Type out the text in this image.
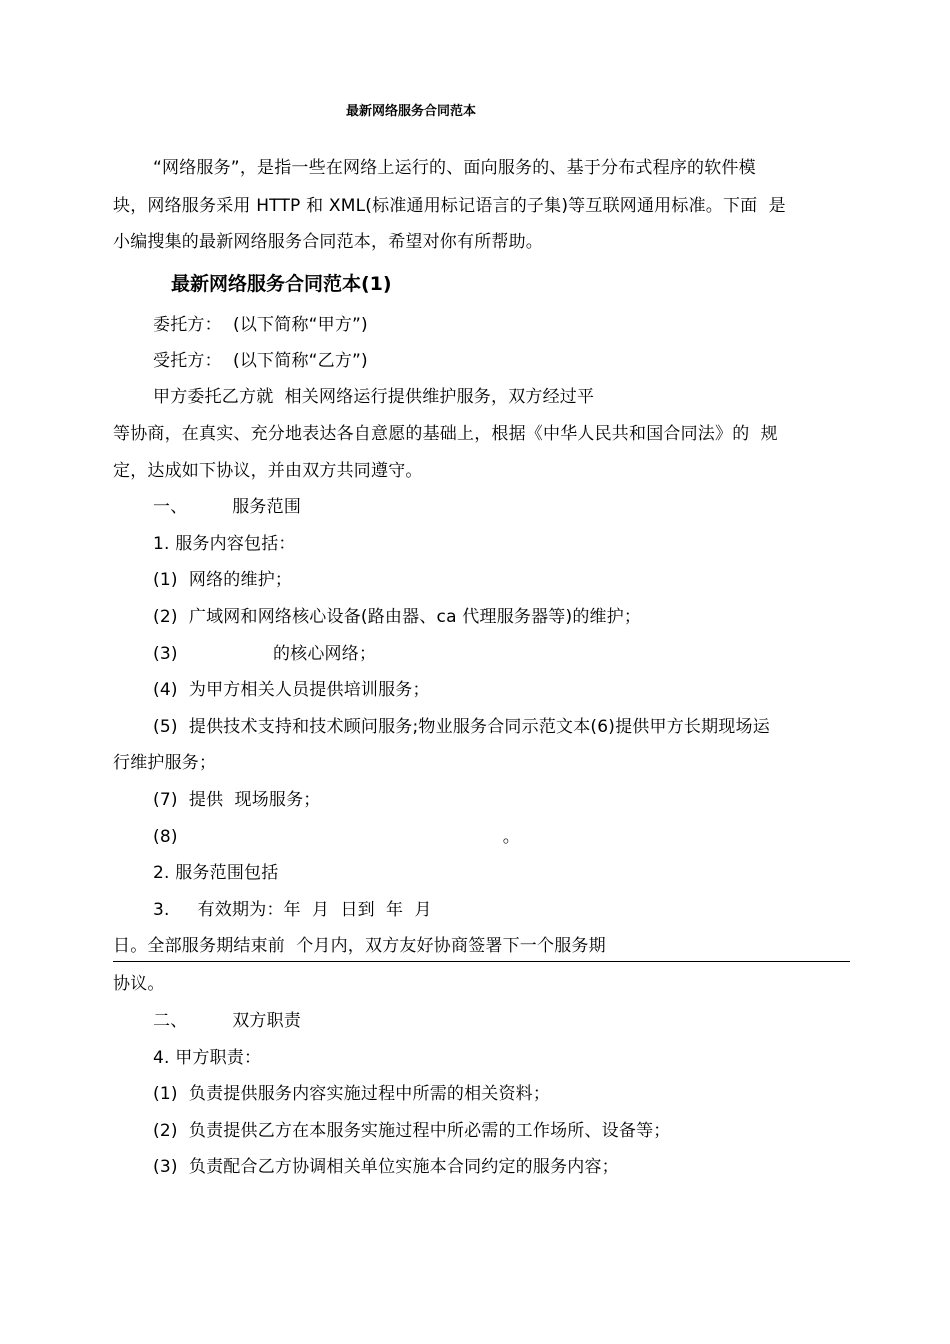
最新网络服务合同范本
“网络服务”，是指一些在网络上运行的、面向服务的、基于分布式程序的软件模
块，网络服务采用 HTTP 和 XML(标准通用标记语言的子集)等互联网通用标准。下面  是
小编搜集的最新网络服务合同范本，希望对你有所帮助。
最新网络服务合同范本(1)
委托方：  (以下简称“甲方”)
受托方：  (以下简称“乙方”)
甲方委托乙方就  相关网络运行提供维护服务，双方经过平
等协商，在真实、充分地表达各自意愿的基础上，根据《中华人民共和国合同法》的  规
定，达成如下协议，并由双方共同遵守。
一、        服务范围
1. 服务内容包括：
(1)  网络的维护；
(2)  广域网和网络核心设备(路由器、ca 代理服务器等)的维护；
(3)                 的核心网络；
(4)  为甲方相关人员提供培训服务；
(5)  提供技术支持和技术顾问服务;物业服务合同示范文本(6)提供甲方长期现场运
行维护服务；
(7)  提供  现场服务；
(8)                                                          。
2. 服务范围包括
3.     有效期为：年  月  日到  年  月
日。全部服务期结束前  个月内，双方友好协商签署下一个服务期
协议。
二、        双方职责
4. 甲方职责：
(1)  负责提供服务内容实施过程中所需的相关资料；
(2)  负责提供乙方在本服务实施过程中所必需的工作场所、设备等；
(3)  负责配合乙方协调相关单位实施本合同约定的服务内容；
